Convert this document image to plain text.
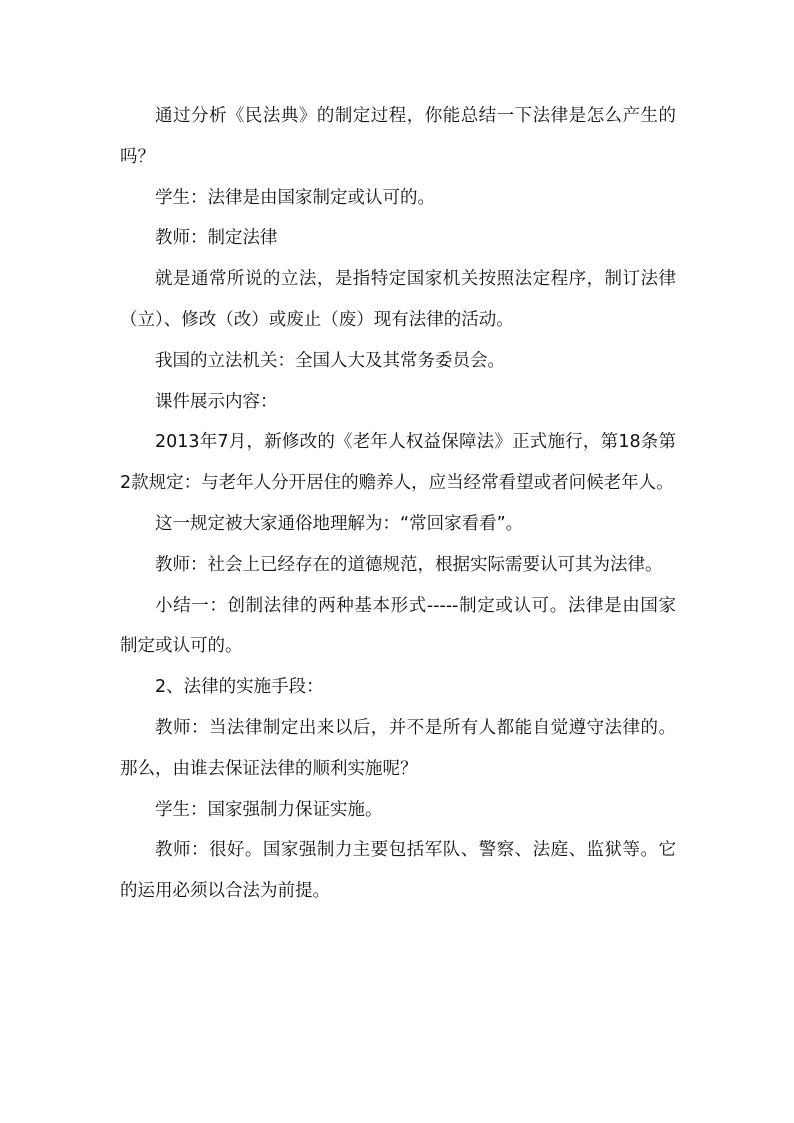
通过分析《民法典》的制定过程，你能总结一下法律是怎么产生的吗？

学生：法律是由国家制定或认可的。

教师：制定法律

就是通常所说的立法，是指特定国家机关按照法定程序，制订法律（立）、修改（改）或废止（废）现有法律的活动。

我国的立法机关：全国人大及其常务委员会。

课件展示内容：

2013年7月，新修改的《老年人权益保障法》正式施行，第18条第2款规定：与老年人分开居住的赡养人，应当经常看望或者问候老年人。

这一规定被大家通俗地理解为：“常回家看看”。

教师：社会上已经存在的道德规范，根据实际需要认可其为法律。

小结一：创制法律的两种基本形式-----制定或认可。法律是由国家制定或认可的。

2、法律的实施手段：

教师：当法律制定出来以后，并不是所有人都能自觉遵守法律的。那么，由谁去保证法律的顺利实施呢？

学生：国家强制力保证实施。

教师：很好。国家强制力主要包括军队、警察、法庭、监狱等。它的运用必须以合法为前提。
